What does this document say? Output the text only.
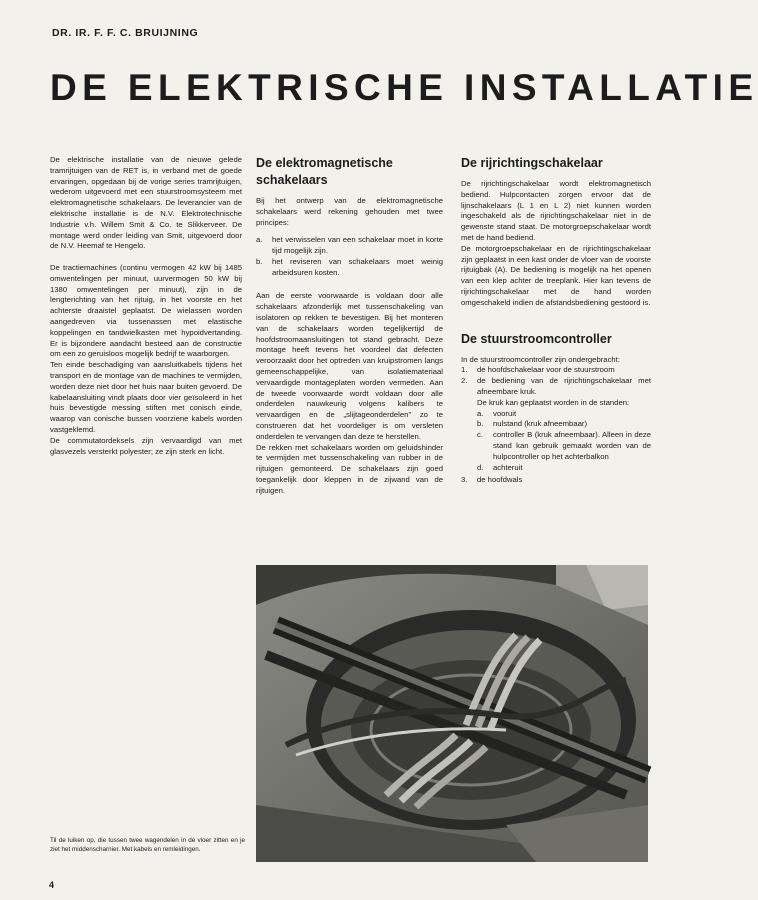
DR. IR. F. F. C. BRUIJNING
DE ELEKTRISCHE INSTALLATIE

De elektrische installatie van de nieuwe gelede tramrijtuigen van de RET is, in verband met de goede ervaringen, opgedaan bij de vorige series tramrijtuigen, wederom uitgevoerd met een stuurstroomsysteem met elektromagnetische schakelaars. De leverancier van de elektrische installatie is de N.V. Elektrotechnische Industrie v.h. Willem Smit & Co. te Slikkerveer. De montage werd onder leiding van Smit, uitgevoerd door de N.V. Heemaf te Hengelo.

De tractiemachines (continu vermogen 42 kW bij 1485 omwentelingen per minuut, uurvermogen 50 kW bij 1380 omwentelingen per minuut), zijn in de lengterichting van het rijtuig, in het voorste en het achterste draaistel geplaatst. De wielassen worden aangedreven via tussenassen met elastische koppelingen en tandwielkasten met hypoidvertanding. Er is bijzondere aandacht besteed aan de constructie om een zo geruisloos mogelijk bedrijf te waarborgen.

Ten einde beschadiging van aansluitkabels tijdens het transport en de montage van de machines te vermijden, worden deze niet door het huis naar buiten gevoerd. De kabelaansluiting vindt plaats door vier geïsoleerd in het huis bevestigde messing stiften met conisch einde, waarop van conische bussen voorziene kabels worden vastgeklemd.

De commutatordeksels zijn vervaardigd van met glasvezels versterkt polyester; ze zijn sterk en licht.

De elektromagnetische schakelaars

Bij het ontwerp van de elektromagnetische schakelaars werd rekening gehouden met twee principes:

a. het verwisselen van een schakelaar moet in korte tijd mogelijk zijn.
b. het reviseren van schakelaars moet weinig arbeidsuren kosten.

Aan de eerste voorwaarde is voldaan door alle schakelaars afzonderlijk met tussenschakeling van isolatoren op rekken te bevestigen. Bij het monteren van de schakelaars worden tegelijkertijd de hoofdstroomaansluitingen tot stand gebracht. Deze montage heeft tevens het voordeel dat defecten veroorzaakt door het optreden van kruipstromen langs gemeenschappelijke, van isolatiemateriaal vervaardigde montageplaten worden vermeden. Aan de tweede voorwaarde wordt voldaan door alle onderdelen nauwkeurig volgens kalibers te vervaardigen en de „slijtageonderdelen" zo te construeren dat het voordeliger is om versleten onderdelen te vervangen dan deze te herstellen.

De rekken met schakelaars worden om geluidshinder te vermijden met tussenschakeling van rubber in de rijtuigen gemonteerd. De schakelaars zijn goed toegankelijk door kleppen in de zijwand van de rijtuigen.

De rijrichtingschakelaar

De rijrichtingschakelaar wordt elektromagnetisch bediend. Hulpcontacten zorgen ervoor dat de lijnschakelaars (L 1 en L 2) niet kunnen worden ingeschakeld als de rijrichtingschakelaar niet in de gewenste stand staat. De motorgroepschakelaar wordt met de hand bediend.

De motorgroepschakelaar en de rijrichtingschakelaar zijn geplaatst in een kast onder de vloer van de voorste rijtuigbak (A). De bediening is mogelijk na het openen van een klep achter de treeplank. Hier kan tevens de rijrichtingschakelaar met de hand worden omgeschakeld indien de afstandsbediening gestoord is.

De stuurstroomcontroller

In de stuurstroomcontroller zijn ondergebracht:

1. de hoofdschakelaar voor de stuurstroom
2. de bediening van de rijrichtingschakelaar met afneembare kruk.
De kruk kan geplaatst worden in de standen:
a. vooruit
b. nulstand (kruk afneembaar)
c. controller B (kruk afneembaar). Alleen in deze stand kan gebruik gemaakt worden van de hulpcontroller op het achterbalkon
d. achteruit
3. de hoofdwals
Til de luiken op, die tussen twee wagendelen in de vloer zitten en je ziet het middenscharnier. Met kabels en remleidingen.
4
